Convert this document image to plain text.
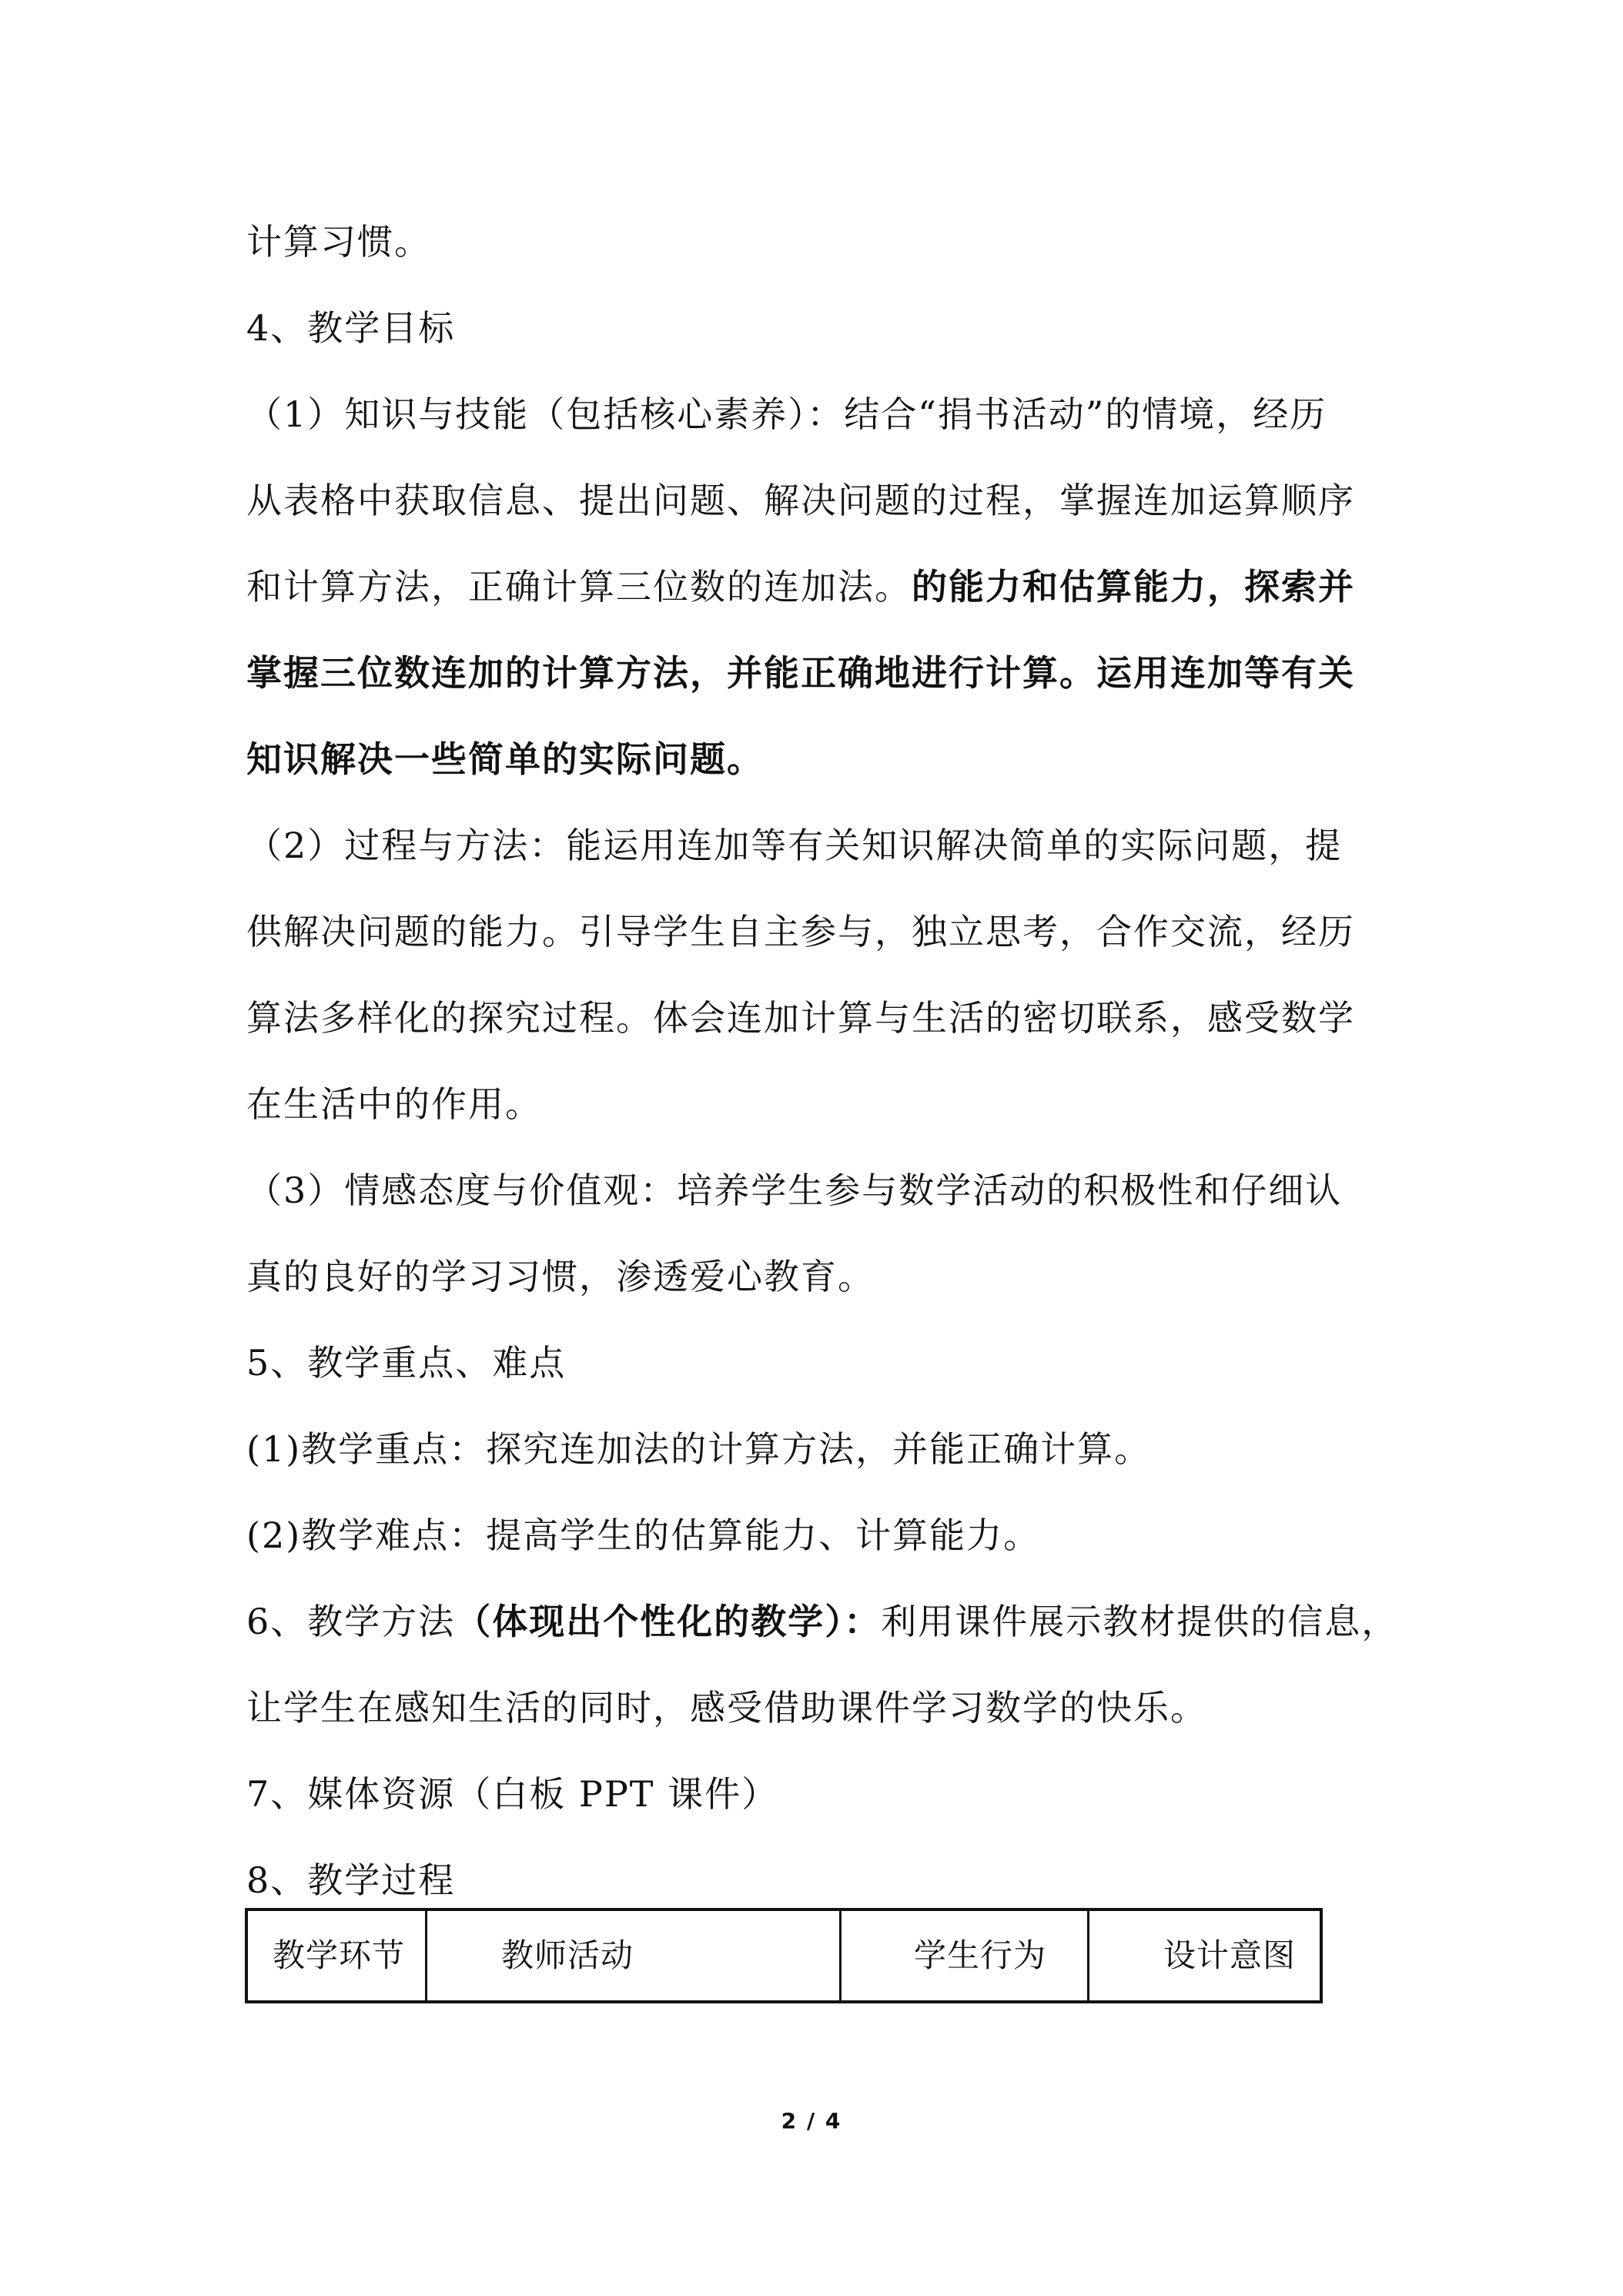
计算习惯。
4、教学目标
（1）知识与技能（包括核心素养）：结合“捐书活动”的情境，经历
从表格中获取信息、提出问题、解决问题的过程，掌握连加运算顺序
和计算方法，正确计算三位数的连加法。的能力和估算能力，探索并
掌握三位数连加的计算方法，并能正确地进行计算。运用连加等有关
知识解决一些简单的实际问题。
（2）过程与方法：能运用连加等有关知识解决简单的实际问题，提
供解决问题的能力。引导学生自主参与，独立思考，合作交流，经历
算法多样化的探究过程。体会连加计算与生活的密切联系，感受数学
在生活中的作用。
（3）情感态度与价值观：培养学生参与数学活动的积极性和仔细认
真的良好的学习习惯，渗透爱心教育。
5、教学重点、难点
(1)教学重点：探究连加法的计算方法，并能正确计算。
(2)教学难点：提高学生的估算能力、计算能力。
6、教学方法（体现出个性化的教学）：利用课件展示教材提供的信息，
让学生在感知生活的同时，感受借助课件学习数学的快乐。
7、媒体资源（白板 PPT 课件）
8、教学过程
教学环节	教师活动	学生行为	设计意图
2 / 4
